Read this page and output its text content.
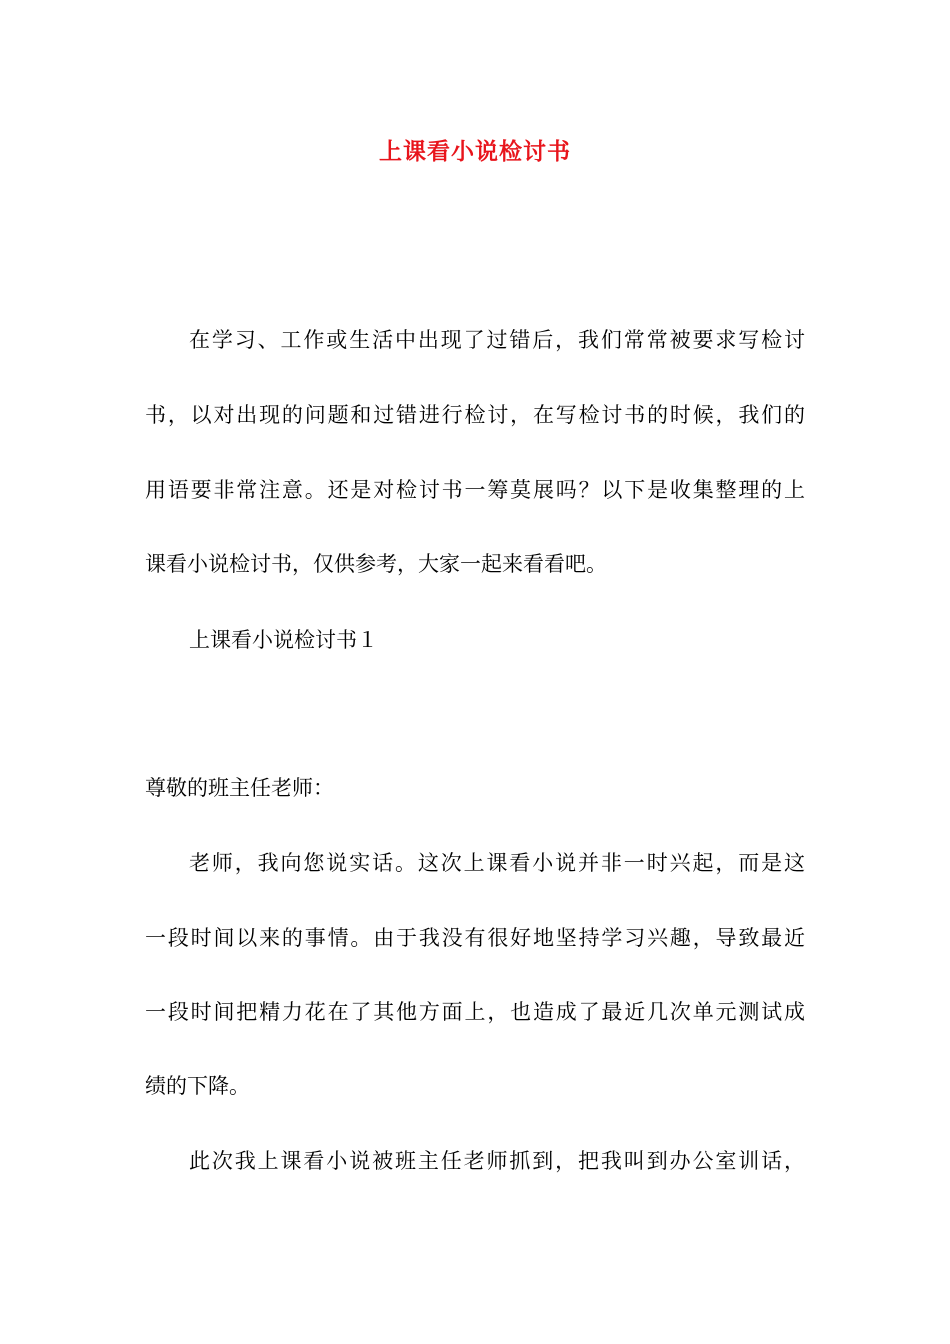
上课看小说检讨书
在学习、工作或生活中出现了过错后，我们常常被要求写检讨
书，以对出现的问题和过错进行检讨，在写检讨书的时候，我们的
用语要非常注意。还是对检讨书一筹莫展吗？以下是收集整理的上
课看小说检讨书，仅供参考，大家一起来看看吧。
上课看小说检讨书１
尊敬的班主任老师：
老师，我向您说实话。这次上课看小说并非一时兴起，而是这
一段时间以来的事情。由于我没有很好地坚持学习兴趣，导致最近
一段时间把精力花在了其他方面上，也造成了最近几次单元测试成
绩的下降。
此次我上课看小说被班主任老师抓到，把我叫到办公室训话，
